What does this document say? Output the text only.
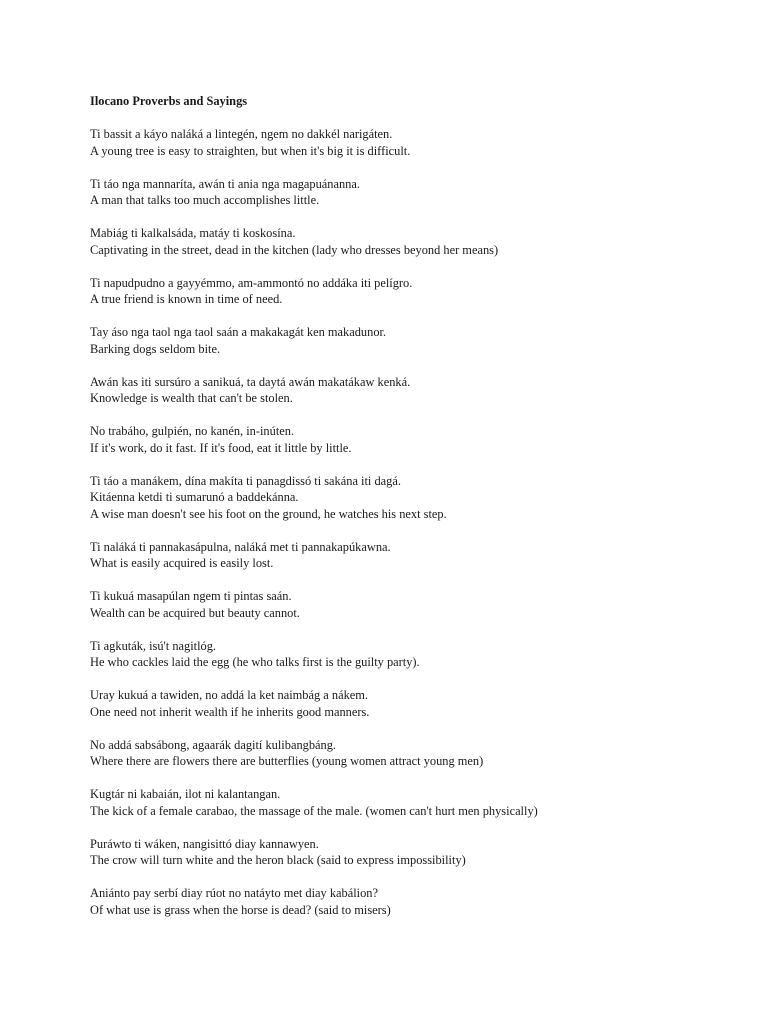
Ilocano Proverbs and Sayings
Ti bassit a káyo naláká a lintegén, ngem no dakkél narigáten.
A young tree is easy to straighten, but when it's big it is difficult.
Ti táo nga mannaríta, awán ti ania nga magapuánanna.
A man that talks too much accomplishes little.
Mabiág ti kalkalsáda, matáy ti koskosína.
Captivating in the street, dead in the kitchen (lady who dresses beyond her means)
Ti napudpudno a gayyémmo, am-ammontó no addáka iti pelígro.
A true friend is known in time of need.
Tay áso nga taol nga taol saán a makakagát ken makadunor.
Barking dogs seldom bite.
Awán kas iti sursúro a sanikuá, ta daytá awán makatákaw kenká.
Knowledge is wealth that can't be stolen.
No trabáho, gulpién, no kanén, in-inúten.
If it's work, do it fast. If it's food, eat it little by little.
Ti táo a manákem, dína makíta ti panagdissó ti sakána iti dagá.
Kitáenna ketdi ti sumarunó a baddekánna.
A wise man doesn't see his foot on the ground, he watches his next step.
Ti naláká ti pannakasápulna, naláká met ti pannakapúkawna.
What is easily acquired is easily lost.
Ti kukuá masapúlan ngem ti pintas saán.
Wealth can be acquired but beauty cannot.
Ti agkuták, isú't nagitlóg.
He who cackles laid the egg (he who talks first is the guilty party).
Uray kukuá a tawiden, no addá la ket naimbág a nákem.
One need not inherit wealth if he inherits good manners.
No addá sabsábong, agaarák dagití kulibangbáng.
Where there are flowers there are butterflies (young women attract young men)
Kugtár ni kabaián, ilot ni kalantangan.
The kick of a female carabao, the massage of the male. (women can't hurt men physically)
Puráwto ti wáken, nangisittó diay kannawyen.
The crow will turn white and the heron black (said to express impossibility)
Aniánto pay serbí diay rúot no natáyto met diay kabálion?
Of what use is grass when the horse is dead? (said to misers)
